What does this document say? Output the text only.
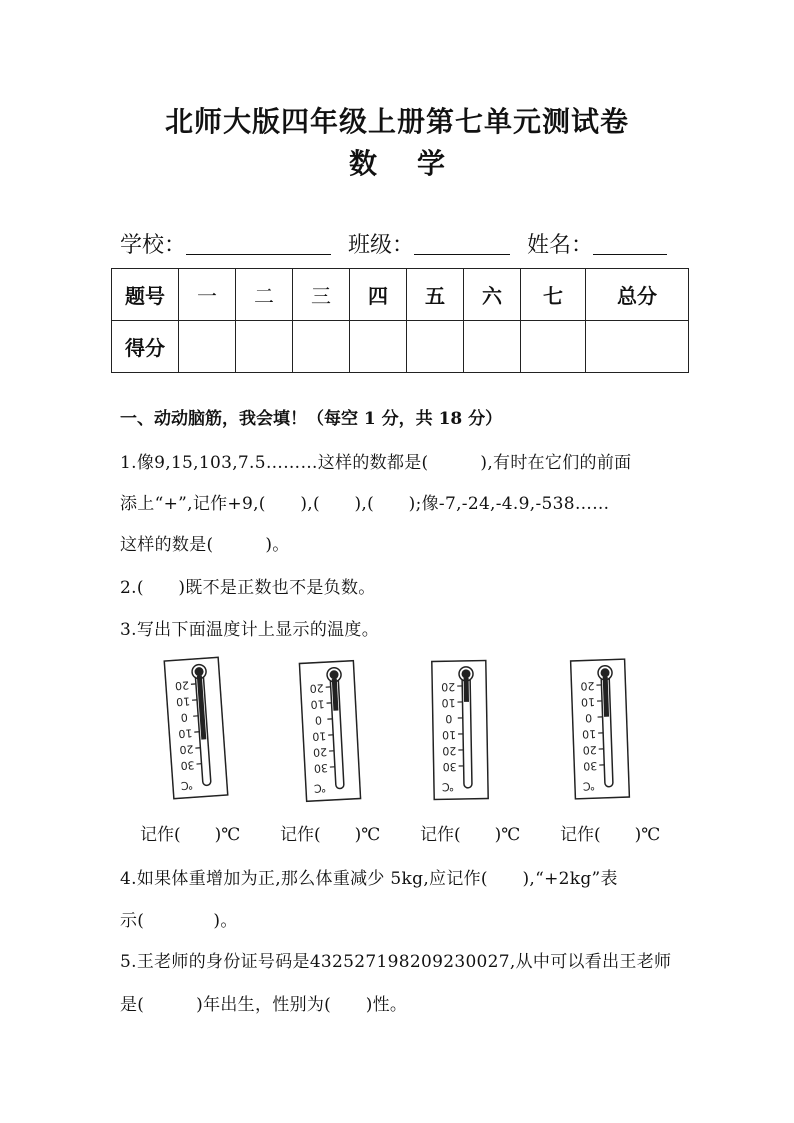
北师大版四年级上册第七单元测试卷
数学
学校：	班级：	姓名：
题号	一	二	三	四	五	六	七	总分
得分								
一、动动脑筋，我会填！（每空 1 分，共 18 分）
1.像9,15,103,7.5………这样的数都是(　　　),有时在它们的前面
添上“+”,记作+9,(　　),(　　),(　　);像-7,-24,-4.9,-538……
这样的数是(　　　)。
2.(　　)既不是正数也不是负数。
3.写出下面温度计上显示的温度。
20
10
0
10
20
30
℃
20
10
0
10
20
30
℃
20
10
0
10
20
30
℃
20
10
0
10
20
30
℃
记作(　　)℃ 记作(　　)℃ 记作(　　)℃ 记作(　　)℃
4.如果体重增加为正,那么体重减少 5kg,应记作(　　),“+2kg”表
示(　　　　)。
5.王老师的身份证号码是432527198209230027,从中可以看出王老师
是(　　　)年出生，性别为(　　)性。
